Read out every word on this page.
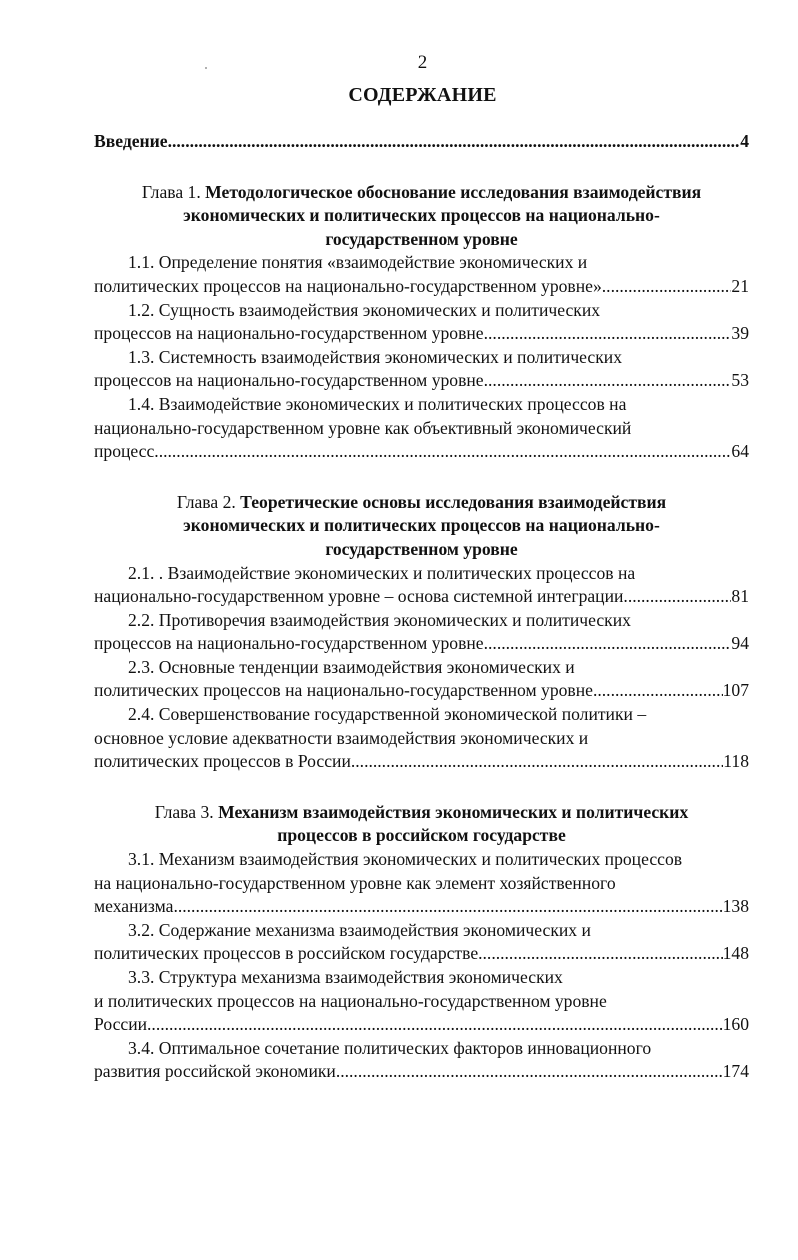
2
СОДЕРЖАНИЕ
Введение .....	4
Глава 1. Методологическое обоснование исследования взаимодействия экономических и политических процессов на национально-государственном уровне
1.1. Определение понятия «взаимодействие экономических и
политических процессов на национально-государственном уровне» .....	21
1.2. Сущность взаимодействия экономических и политических
процессов на национально-государственном уровне .....	39
1.3. Системность взаимодействия экономических и политических
процессов на национально-государственном уровне .....	53
1.4. Взаимодействие экономических и политических процессов на
национально-государственном уровне как объективный экономический
процесс .....	64
Глава 2. Теоретические основы исследования взаимодействия экономических и политических процессов на национально-государственном уровне
2.1. . Взаимодействие экономических и политических процессов на
национально-государственном уровне – основа системной интеграции .....	81
2.2. Противоречия взаимодействия экономических и политических
процессов на национально-государственном уровне .....	94
2.3. Основные тенденции взаимодействия экономических и
политических процессов на национально-государственном уровне .....	107
2.4. Совершенствование государственной экономической политики –
основное условие адекватности взаимодействия экономических и
политических процессов в России .....	118
Глава 3. Механизм взаимодействия экономических и политических процессов в российском государстве
3.1. Механизм взаимодействия экономических и политических процессов
на национально-государственном уровне как элемент хозяйственного
механизма .....	138
3.2. Содержание механизма взаимодействия экономических и
политических процессов в российском государстве .....	148
3.3. Структура механизма взаимодействия экономических
и политических процессов на национально-государственном уровне
России .....	160
3.4. Оптимальное сочетание политических факторов инновационного
развития российской экономики .....	174
